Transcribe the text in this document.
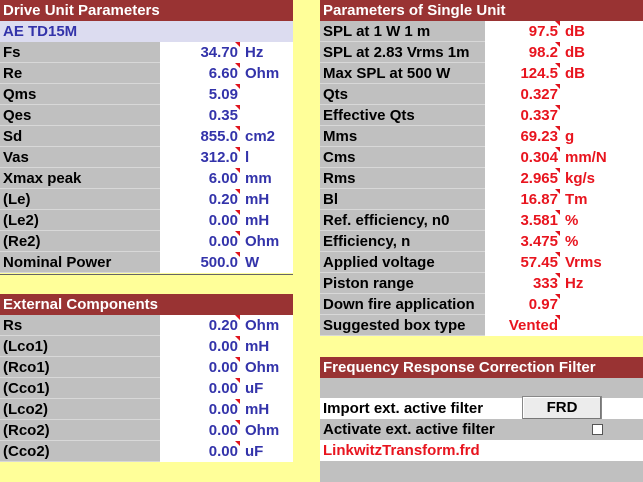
Drive Unit Parameters
AE TD15M
Fs	34.70 Hz
Re	6.60 Ohm
Qms	5.09
Qes	0.35
Sd	855.0 cm2
Vas	312.0 l
Xmax peak	6.00 mm
(Le)	0.20 mH
(Le2)	0.00 mH
(Re2)	0.00 Ohm
Nominal Power	500.0 W
External Components
Rs	0.20 Ohm
(Lco1)	0.00 mH
(Rco1)	0.00 Ohm
(Cco1)	0.00 uF
(Lco2)	0.00 mH
(Rco2)	0.00 Ohm
(Cco2)	0.00 uF
Parameters of Single Unit
SPL at 1 W 1 m	97.5 dB
SPL at 2.83 Vrms 1m	98.2 dB
Max SPL at 500 W	124.5 dB
Qts	0.327
Effective Qts	0.337
Mms	69.23 g
Cms	0.304 mm/N
Rms	2.965 kg/s
Bl	16.87 Tm
Ref. efficiency, n0	3.581 %
Efficiency, n	3.475 %
Applied voltage	57.45 Vrms
Piston range	333 Hz
Down fire application	0.97
Suggested box type	Vented
Frequency Response Correction Filter
Import ext. active filter	FRD
Activate ext. active filter
LinkwitzTransform.frd
